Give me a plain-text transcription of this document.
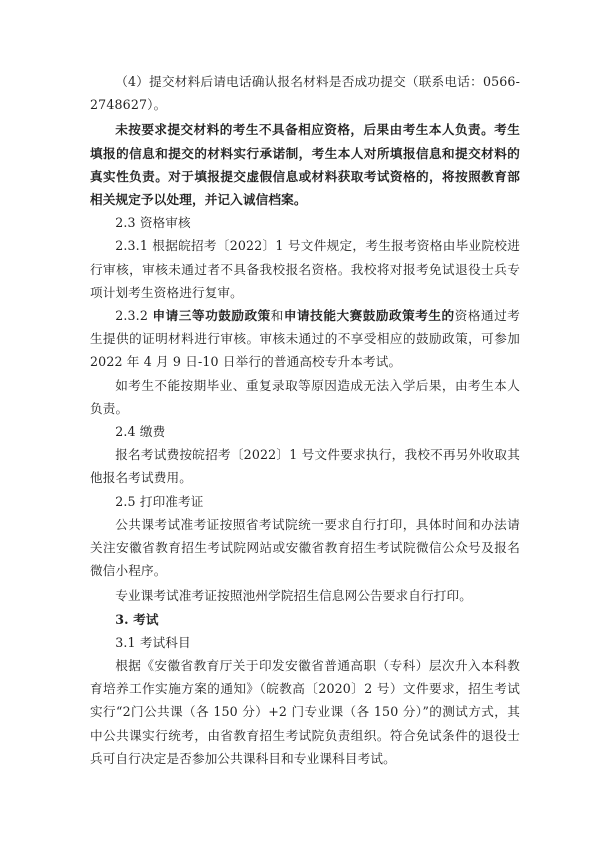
（4）提交材料后请电话确认报名材料是否成功提交（联系电话：0566-2748627）。

未按要求提交材料的考生不具备相应资格，后果由考生本人负责。考生填报的信息和提交的材料实行承诺制，考生本人对所填报信息和提交材料的真实性负责。对于填报提交虚假信息或材料获取考试资格的，将按照教育部相关规定予以处理，并记入诚信档案。

2.3 资格审核

2.3.1 根据皖招考〔2022〕1 号文件规定，考生报考资格由毕业院校进行审核，审核未通过者不具备我校报名资格。我校将对报考免试退役士兵专项计划考生资格进行复审。

2.3.2 申请三等功鼓励政策和申请技能大赛鼓励政策考生的资格通过考生提供的证明材料进行审核。审核未通过的不享受相应的鼓励政策，可参加 2022 年 4 月 9 日-10 日举行的普通高校专升本考试。

如考生不能按期毕业、重复录取等原因造成无法入学后果，由考生本人负责。

2.4 缴费

报名考试费按皖招考〔2022〕1 号文件要求执行，我校不再另外收取其他报名考试费用。

2.5 打印准考证

公共课考试准考证按照省考试院统一要求自行打印，具体时间和办法请关注安徽省教育招生考试院网站或安徽省教育招生考试院微信公众号及报名微信小程序。

专业课考试准考证按照池州学院招生信息网公告要求自行打印。

3. 考试

3.1 考试科目

根据《安徽省教育厅关于印发安徽省普通高职（专科）层次升入本科教育培养工作实施方案的通知》（皖教高〔2020〕2 号）文件要求，招生考试实行“2门公共课（各 150 分）+2 门专业课（各 150 分）”的测试方式，其中公共课实行统考，由省教育招生考试院负责组织。符合免试条件的退役士兵可自行决定是否参加公共课科目和专业课科目考试。
